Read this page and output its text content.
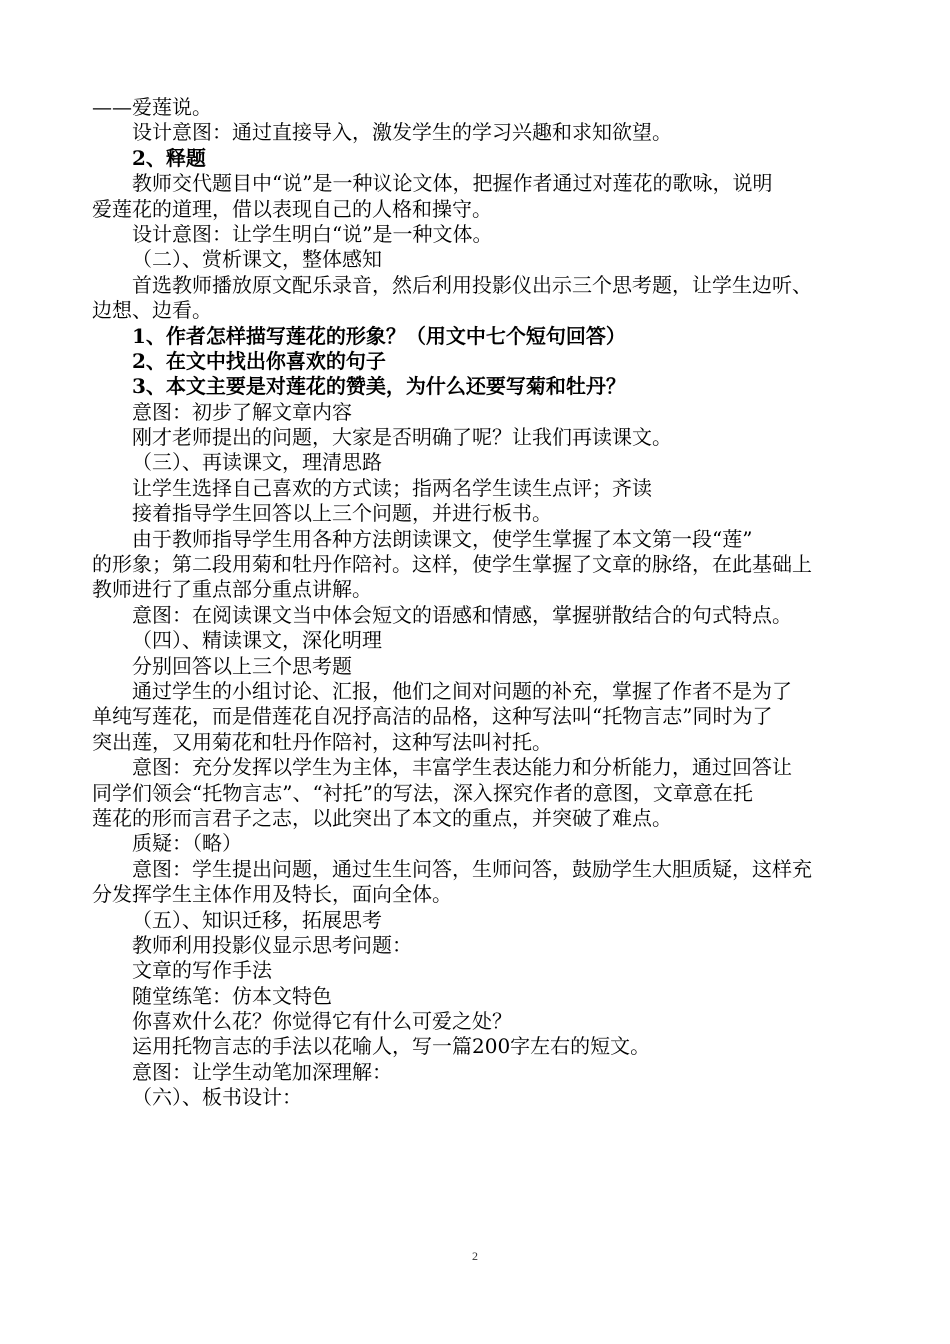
——爱莲说。
设计意图：通过直接导入，激发学生的学习兴趣和求知欲望。
2、释题
教师交代题目中“说”是一种议论文体，把握作者通过对莲花的歌咏，说明
爱莲花的道理，借以表现自己的人格和操守。
设计意图：让学生明白“说”是一种文体。
（二）、赏析课文，整体感知
首选教师播放原文配乐录音，然后利用投影仪出示三个思考题，让学生边听、
边想、边看。
1、作者怎样描写莲花的形象？（用文中七个短句回答）
2、在文中找出你喜欢的句子
3、本文主要是对莲花的赞美，为什么还要写菊和牡丹？
意图：初步了解文章内容
刚才老师提出的问题，大家是否明确了呢？让我们再读课文。
（三）、再读课文，理清思路
让学生选择自己喜欢的方式读；指两名学生读生点评；齐读
接着指导学生回答以上三个问题，并进行板书。
由于教师指导学生用各种方法朗读课文，使学生掌握了本文第一段“莲”
的形象；第二段用菊和牡丹作陪衬。这样，使学生掌握了文章的脉络，在此基础上
教师进行了重点部分重点讲解。
意图：在阅读课文当中体会短文的语感和情感，掌握骈散结合的句式特点。
（四）、精读课文，深化明理
分别回答以上三个思考题
通过学生的小组讨论、汇报，他们之间对问题的补充，掌握了作者不是为了
单纯写莲花，而是借莲花自况抒高洁的品格，这种写法叫“托物言志”同时为了
突出莲，又用菊花和牡丹作陪衬，这种写法叫衬托。
意图：充分发挥以学生为主体，丰富学生表达能力和分析能力，通过回答让
同学们领会“托物言志”、“衬托”的写法，深入探究作者的意图，文章意在托
莲花的形而言君子之志，以此突出了本文的重点，并突破了难点。
质疑：（略）
意图：学生提出问题，通过生生问答，生师问答，鼓励学生大胆质疑，这样充
分发挥学生主体作用及特长，面向全体。
（五）、知识迁移，拓展思考
教师利用投影仪显示思考问题：
文章的写作手法
随堂练笔：仿本文特色
你喜欢什么花？你觉得它有什么可爱之处？
运用托物言志的手法以花喻人，写一篇200字左右的短文。
意图：让学生动笔加深理解：
（六）、板书设计：
2
